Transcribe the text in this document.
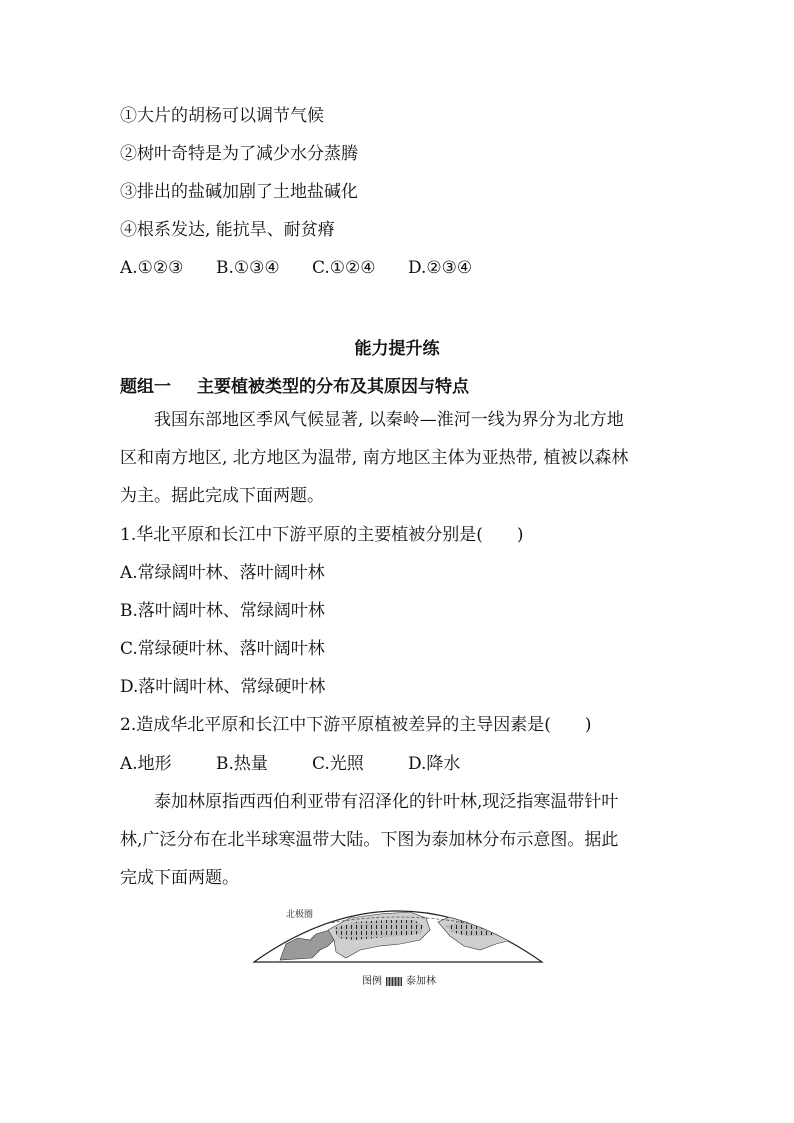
①大片的胡杨可以调节气候
②树叶奇特是为了减少水分蒸腾
③排出的盐碱加剧了土地盐碱化
④根系发达, 能抗旱、耐贫瘠
A.①②③ B.①③④ C.①②④ D.②③④
能力提升练
题组一 主要植被类型的分布及其原因与特点
我国东部地区季风气候显著, 以秦岭—淮河一线为界分为北方地
区和南方地区, 北方地区为温带, 南方地区主体为亚热带, 植被以森林
为主。据此完成下面两题。
1.华北平原和长江中下游平原的主要植被分别是(　　)
A.常绿阔叶林、落叶阔叶林
B.落叶阔叶林、常绿阔叶林
C.常绿硬叶林、落叶阔叶林
D.落叶阔叶林、常绿硬叶林
2.造成华北平原和长江中下游平原植被差异的主导因素是(　　)
A.地形	B.热量	C.光照	D.降水
泰加林原指西西伯利亚带有沼泽化的针叶林,现泛指寒温带针叶
林,广泛分布在北半球寒温带大陆。下图为泰加林分布示意图。据此
完成下面两题。
北极圈
图例 泰加林
